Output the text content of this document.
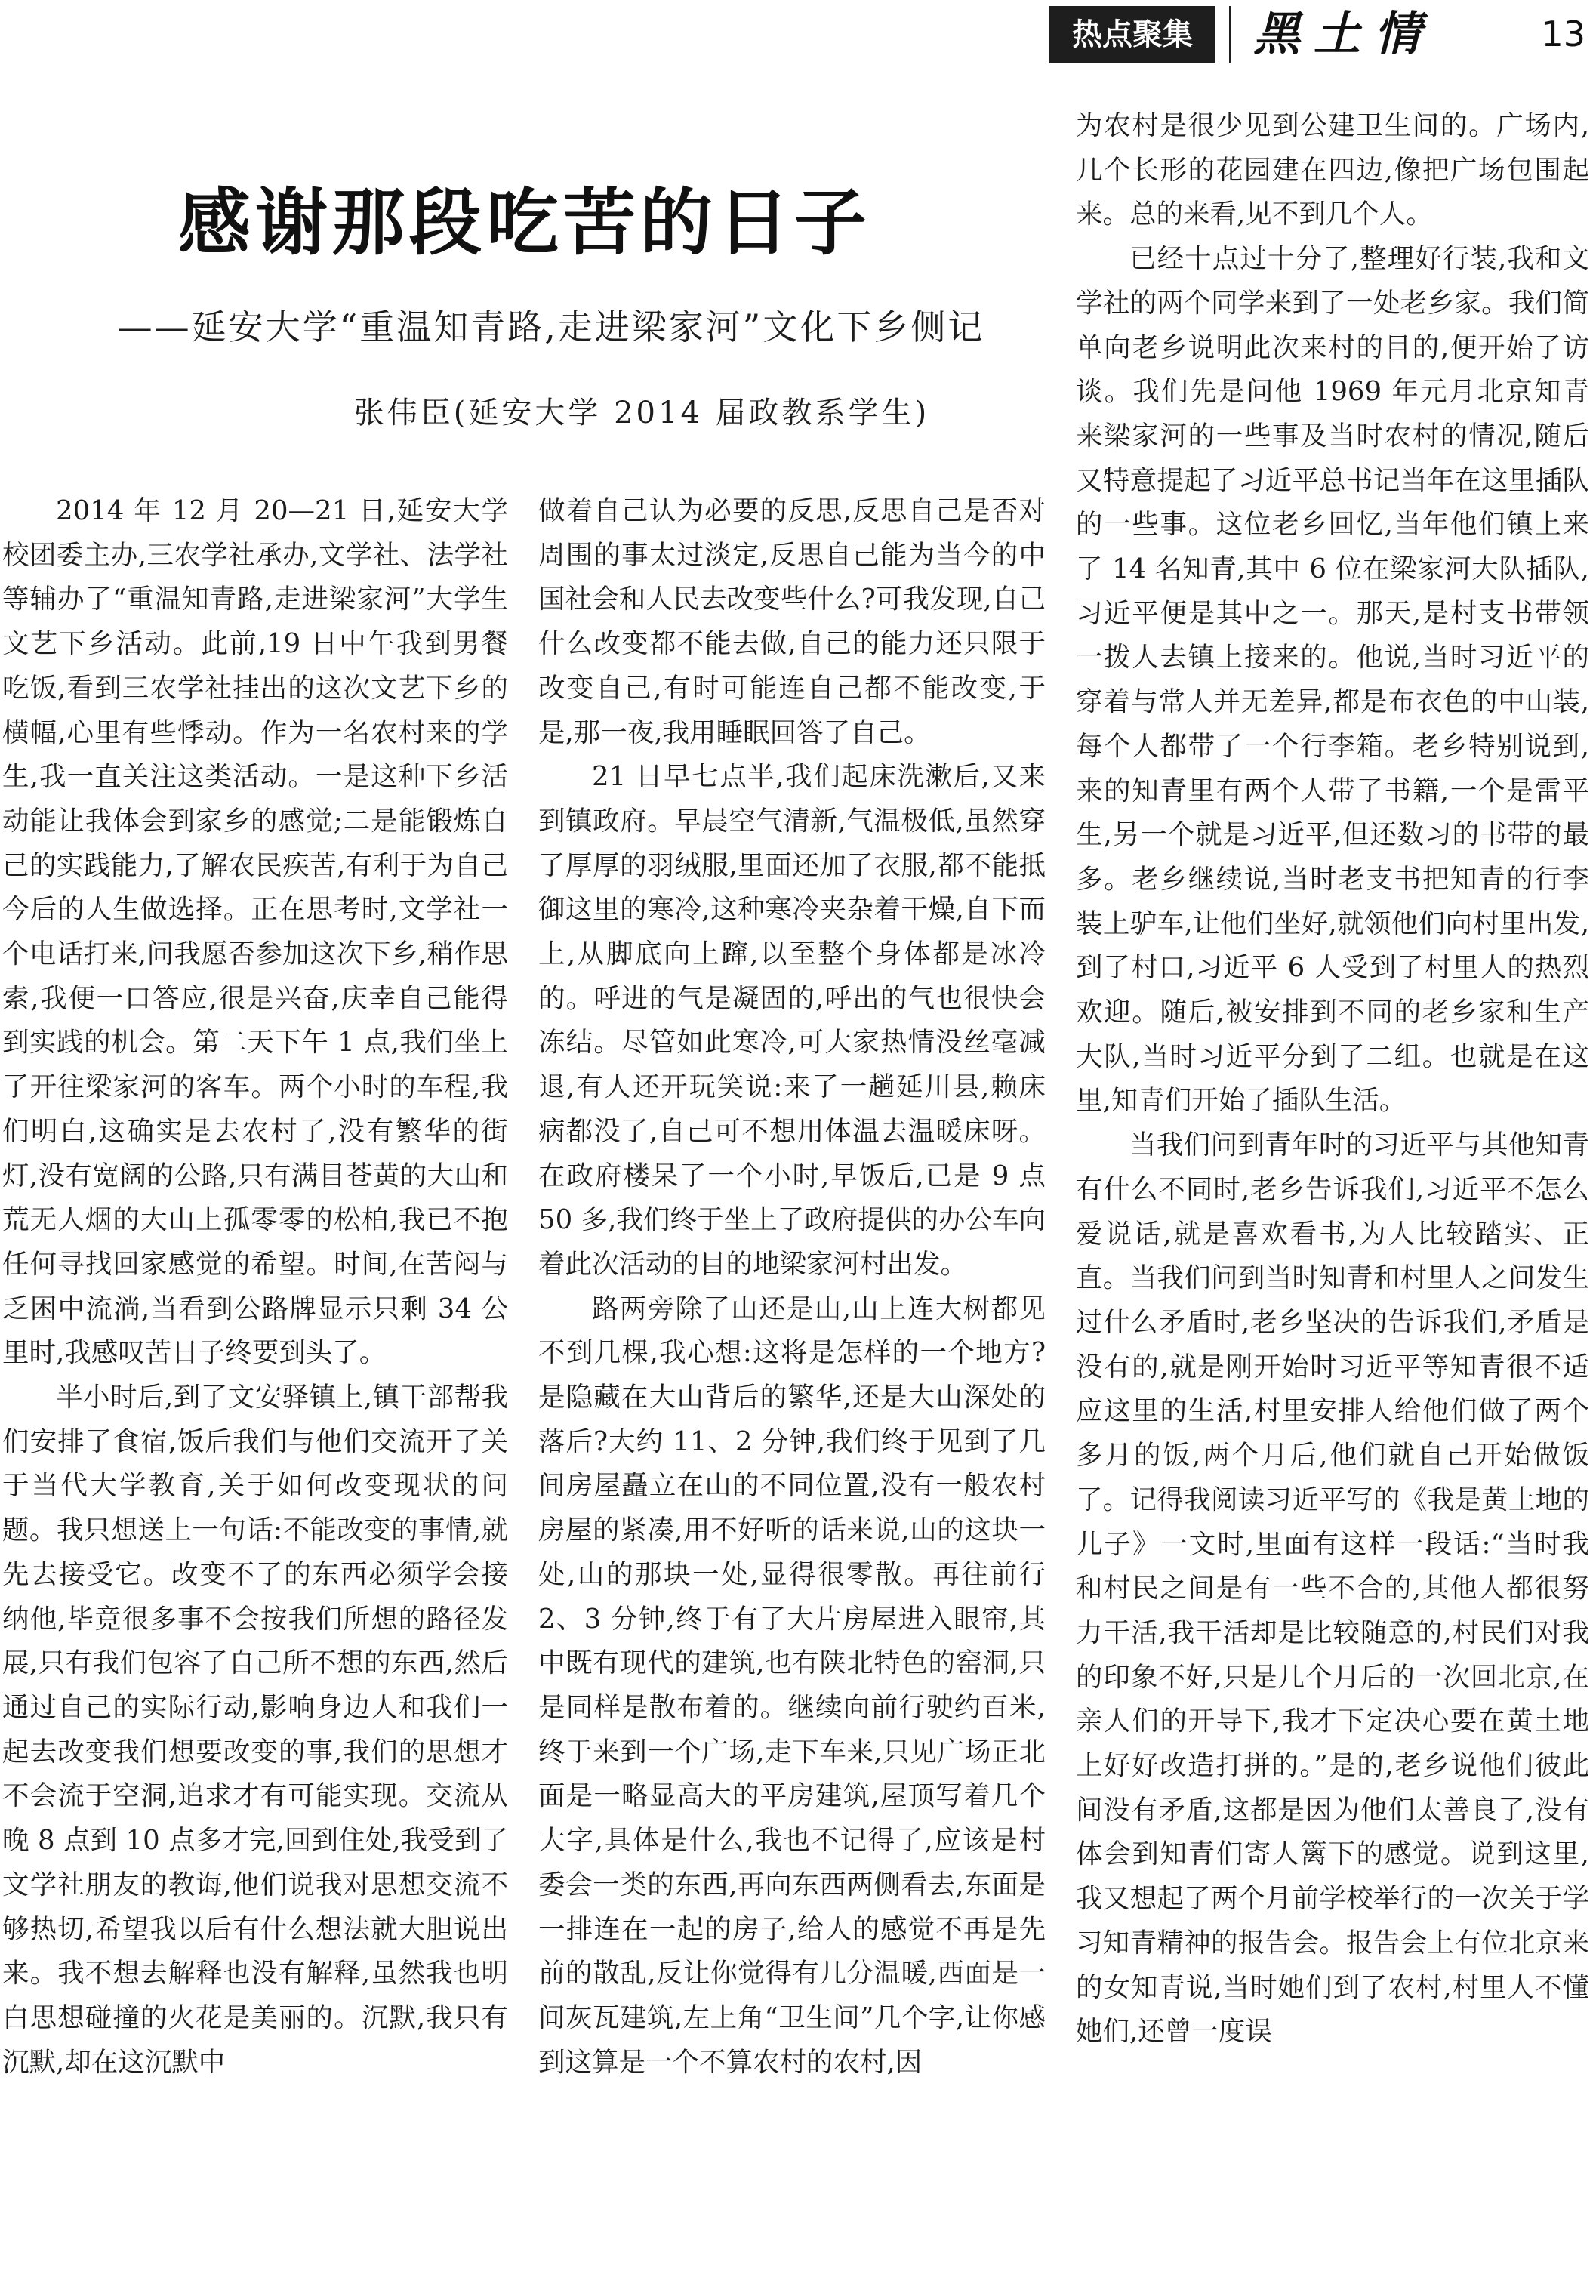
热点聚集	黑土情	13
感谢那段吃苦的日子
——延安大学“重温知青路,走进梁家河”文化下乡侧记
张伟臣(延安大学 2014 届政教系学生)

2014 年 12 月 20—21 日,延安大学校团委主办,三农学社承办,文学社、法学社等辅办了“重温知青路,走进梁家河”大学生文艺下乡活动。此前,19 日中午我到男餐吃饭,看到三农学社挂出的这次文艺下乡的横幅,心里有些悸动。作为一名农村来的学生,我一直关注这类活动。一是这种下乡活动能让我体会到家乡的感觉;二是能锻炼自己的实践能力,了解农民疾苦,有利于为自己今后的人生做选择。正在思考时,文学社一个电话打来,问我愿否参加这次下乡,稍作思索,我便一口答应,很是兴奋,庆幸自己能得到实践的机会。第二天下午 1 点,我们坐上了开往梁家河的客车。两个小时的车程,我们明白,这确实是去农村了,没有繁华的街灯,没有宽阔的公路,只有满目苍黄的大山和荒无人烟的大山上孤零零的松柏,我已不抱任何寻找回家感觉的希望。时间,在苦闷与乏困中流淌,当看到公路牌显示只剩 34 公里时,我感叹苦日子终要到头了。

半小时后,到了文安驿镇上,镇干部帮我们安排了食宿,饭后我们与他们交流开了关于当代大学教育,关于如何改变现状的问题。我只想送上一句话:不能改变的事情,就先去接受它。改变不了的东西必须学会接纳他,毕竟很多事不会按我们所想的路径发展,只有我们包容了自己所不想的东西,然后通过自己的实际行动,影响身边人和我们一起去改变我们想要改变的事,我们的思想才不会流于空洞,追求才有可能实现。交流从晚 8 点到 10 点多才完,回到住处,我受到了文学社朋友的教诲,他们说我对思想交流不够热切,希望我以后有什么想法就大胆说出来。我不想去解释也没有解释,虽然我也明白思想碰撞的火花是美丽的。沉默,我只有沉默,却在这沉默中

做着自己认为必要的反思,反思自己是否对周围的事太过淡定,反思自己能为当今的中国社会和人民去改变些什么?可我发现,自己什么改变都不能去做,自己的能力还只限于改变自己,有时可能连自己都不能改变,于是,那一夜,我用睡眠回答了自己。

21 日早七点半,我们起床洗漱后,又来到镇政府。早晨空气清新,气温极低,虽然穿了厚厚的羽绒服,里面还加了衣服,都不能抵御这里的寒冷,这种寒冷夹杂着干燥,自下而上,从脚底向上蹿,以至整个身体都是冰冷的。呼进的气是凝固的,呼出的气也很快会冻结。尽管如此寒冷,可大家热情没丝毫减退,有人还开玩笑说:来了一趟延川县,赖床病都没了,自己可不想用体温去温暖床呀。在政府楼呆了一个小时,早饭后,已是 9 点 50 多,我们终于坐上了政府提供的办公车向着此次活动的目的地梁家河村出发。

路两旁除了山还是山,山上连大树都见不到几棵,我心想:这将是怎样的一个地方?是隐藏在大山背后的繁华,还是大山深处的落后?大约 11、2 分钟,我们终于见到了几间房屋矗立在山的不同位置,没有一般农村房屋的紧凑,用不好听的话来说,山的这块一处,山的那块一处,显得很零散。再往前行 2、3 分钟,终于有了大片房屋进入眼帘,其中既有现代的建筑,也有陕北特色的窑洞,只是同样是散布着的。继续向前行驶约百米,终于来到一个广场,走下车来,只见广场正北面是一略显高大的平房建筑,屋顶写着几个大字,具体是什么,我也不记得了,应该是村委会一类的东西,再向东西两侧看去,东面是一排连在一起的房子,给人的感觉不再是先前的散乱,反让你觉得有几分温暖,西面是一间灰瓦建筑,左上角“卫生间”几个字,让你感到这算是一个不算农村的农村,因

为农村是很少见到公建卫生间的。广场内,几个长形的花园建在四边,像把广场包围起来。总的来看,见不到几个人。

已经十点过十分了,整理好行装,我和文学社的两个同学来到了一处老乡家。我们简单向老乡说明此次来村的目的,便开始了访谈。我们先是问他 1969 年元月北京知青来梁家河的一些事及当时农村的情况,随后又特意提起了习近平总书记当年在这里插队的一些事。这位老乡回忆,当年他们镇上来了 14 名知青,其中 6 位在梁家河大队插队,习近平便是其中之一。那天,是村支书带领一拨人去镇上接来的。他说,当时习近平的穿着与常人并无差异,都是布衣色的中山装,每个人都带了一个行李箱。老乡特别说到,来的知青里有两个人带了书籍,一个是雷平生,另一个就是习近平,但还数习的书带的最多。老乡继续说,当时老支书把知青的行李装上驴车,让他们坐好,就领他们向村里出发,到了村口,习近平 6 人受到了村里人的热烈欢迎。随后,被安排到不同的老乡家和生产大队,当时习近平分到了二组。也就是在这里,知青们开始了插队生活。

当我们问到青年时的习近平与其他知青有什么不同时,老乡告诉我们,习近平不怎么爱说话,就是喜欢看书,为人比较踏实、正直。当我们问到当时知青和村里人之间发生过什么矛盾时,老乡坚决的告诉我们,矛盾是没有的,就是刚开始时习近平等知青很不适应这里的生活,村里安排人给他们做了两个多月的饭,两个月后,他们就自己开始做饭了。记得我阅读习近平写的《我是黄土地的儿子》一文时,里面有这样一段话:“当时我和村民之间是有一些不合的,其他人都很努力干活,我干活却是比较随意的,村民们对我的印象不好,只是几个月后的一次回北京,在亲人们的开导下,我才下定决心要在黄土地上好好改造打拼的。”是的,老乡说他们彼此间没有矛盾,这都是因为他们太善良了,没有体会到知青们寄人篱下的感觉。说到这里,我又想起了两个月前学校举行的一次关于学习知青精神的报告会。报告会上有位北京来的女知青说,当时她们到了农村,村里人不懂她们,还曾一度误
